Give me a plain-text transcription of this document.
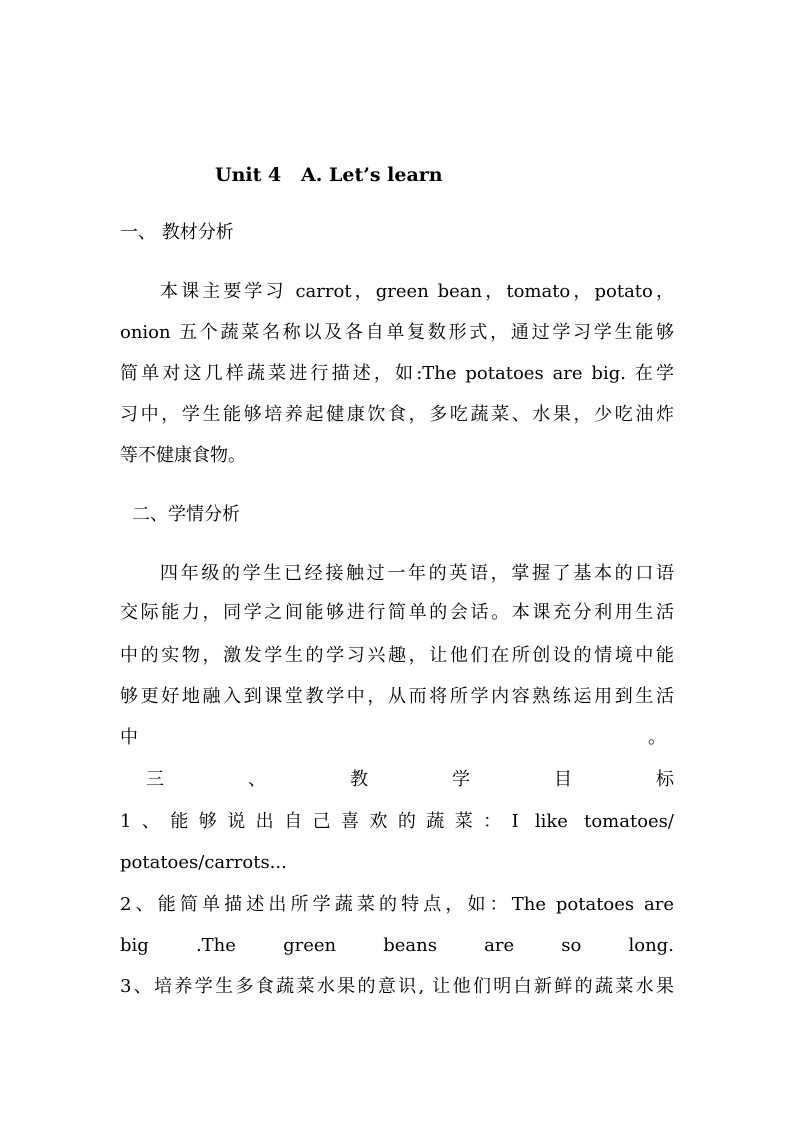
Unit 4   A. Let’s learn
一、 教材分析
本课主要学习 carrot，green bean，tomato，potato，
onion 五个蔬菜名称以及各自单复数形式，通过学习学生能够
简单对这几样蔬菜进行描述，如:The potatoes are big. 在学
习中，学生能够培养起健康饮食，多吃蔬菜、水果，少吃油炸
等不健康食物。
二、学情分析
四年级的学生已经接触过一年的英语，掌握了基本的口语
交际能力，同学之间能够进行简单的会话。本课充分利用生活
中的实物，激发学生的学习兴趣，让他们在所创设的情境中能
够更好地融入到课堂教学中，从而将所学内容熟练运用到生活
中	。
三	、	教	学	目	标
1、能够说出自己喜欢的蔬菜：I like tomatoes/
potatoes/carrots...
2、能简单描述出所学蔬菜的特点，如：The potatoes are
big	.The	green	beans	are	so	long.
3、培养学生多食蔬菜水果的意识, 让他们明白新鲜的蔬菜水果
